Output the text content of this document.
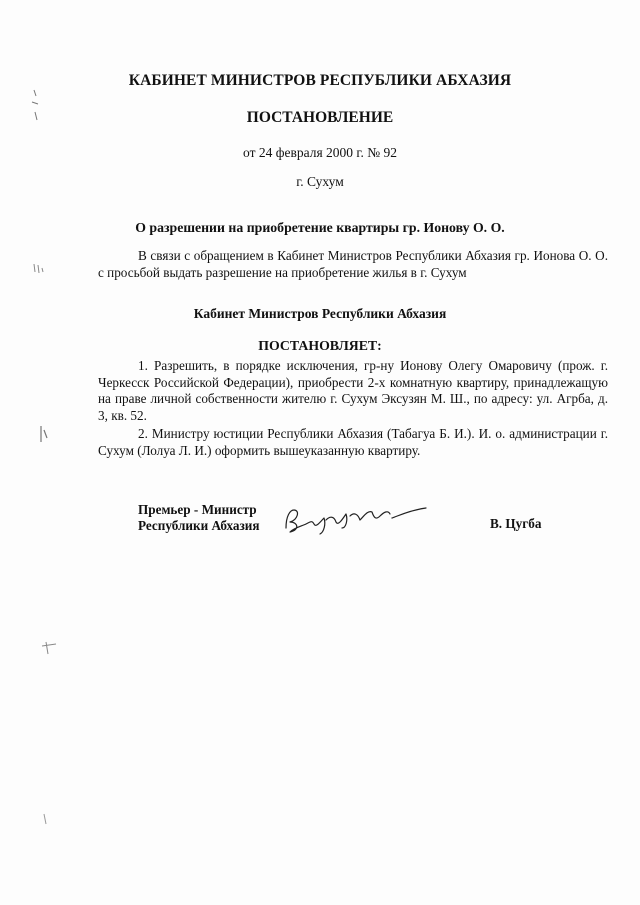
КАБИНЕТ МИНИСТРОВ РЕСПУБЛИКИ АБХАЗИЯ
ПОСТАНОВЛЕНИЕ
от 24 февраля 2000 г. № 92
г. Сухум
О разрешении на приобретение квартиры гр. Ионову О. О.
В связи с обращением в Кабинет Министров Республики Абхазия гр. Ионова О. О. с просьбой выдать разрешение на приобретение жилья в г. Сухум
Кабинет Министров Республики Абхазия
ПОСТАНОВЛЯЕТ:
1. Разрешить, в порядке исключения, гр-ну Ионову Олегу Омаровичу (прож. г. Черкесск Российской Федерации), приобрести 2-х комнатную квартиру, принадлежащую на праве личной собственности жителю г. Сухум Эксузян М. Ш., по адресу: ул. Агрба, д. 3, кв. 52.
2. Министру юстиции Республики Абхазия (Табагуа Б. И.). И. о. администрации г. Сухум (Лолуа Л. И.) оформить вышеуказанную квартиру.
Премьер - Министр
Республики Абхазия	В. Цугба
